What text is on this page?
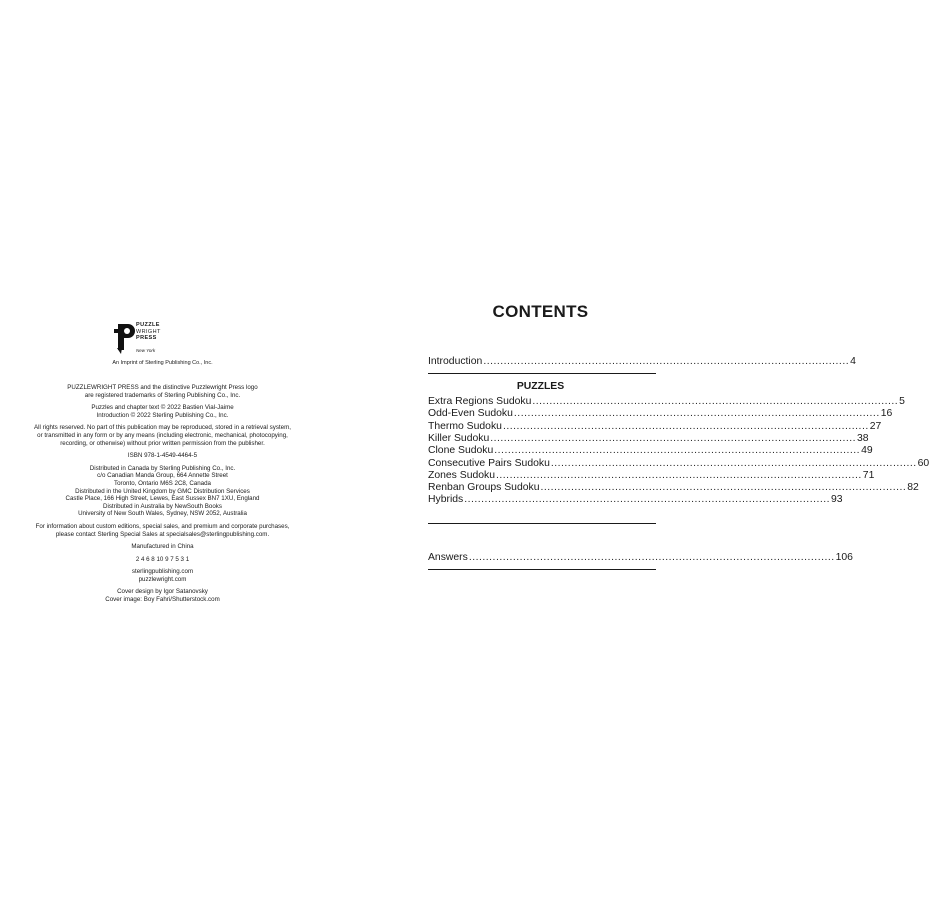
PUZZLE
WRIGHT
PRESS
New York
An Imprint of Sterling Publishing Co., Inc.

PUZZLEWRIGHT PRESS and the distinctive Puzzlewright Press logo

are registered trademarks of Sterling Publishing Co., Inc.

Puzzles and chapter text © 2022 Bastien Vial-Jaime

Introduction © 2022 Sterling Publishing Co., Inc.

All rights reserved. No part of this publication may be reproduced, stored in a retrieval system,

or transmitted in any form or by any means (including electronic, mechanical, photocopying,

recording, or otherwise) without prior written permission from the publisher.

ISBN 978-1-4549-4464-5

Distributed in Canada by Sterling Publishing Co., Inc.

c/o Canadian Manda Group, 664 Annette Street

Toronto, Ontario M6S 2C8, Canada

Distributed in the United Kingdom by GMC Distribution Services

Castle Place, 166 High Street, Lewes, East Sussex BN7 1XU, England

Distributed in Australia by NewSouth Books

University of New South Wales, Sydney, NSW 2052, Australia

For information about custom editions, special sales, and premium and corporate purchases,

please contact Sterling Special Sales at specialsales@sterlingpublishing.com.

Manufactured in China

2 4 6 8 10 9 7 5 3 1

sterlingpublishing.com

puzzlewright.com

Cover design by Igor Satanovsky

Cover image: Boy Fahri/Shutterstock.com

CONTENTS
Introduction ............................................................................................................ 4
PUZZLES
Extra Regions Sudoku ............................................................................................................ 5
Odd-Even Sudoku ............................................................................................................ 16
Thermo Sudoku ............................................................................................................ 27
Killer Sudoku ............................................................................................................ 38
Clone Sudoku ............................................................................................................ 49
Consecutive Pairs Sudoku ............................................................................................................ 60
Zones Sudoku ............................................................................................................ 71
Renban Groups Sudoku ............................................................................................................ 82
Hybrids ............................................................................................................ 93
Answers ............................................................................................................ 106
